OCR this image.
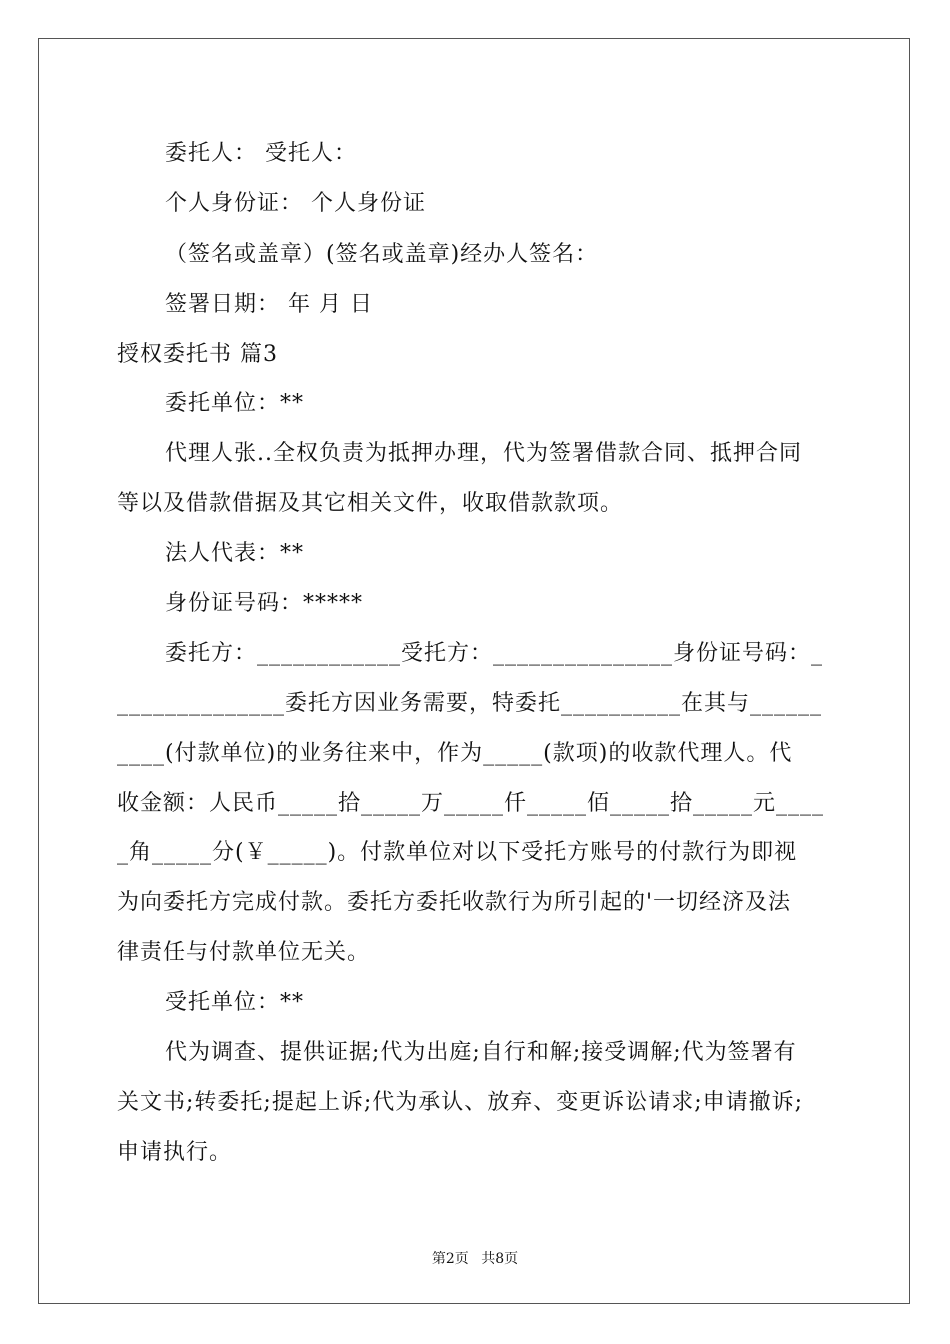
委托人： 受托人：
个人身份证： 个人身份证
（签名或盖章）(签名或盖章)经办人签名：
签署日期： 年 月 日
授权委托书 篇3
委托单位：**
代理人张..全权负责为抵押办理，代为签署借款合同、抵押合同
等以及借款借据及其它相关文件，收取借款款项。
法人代表：**
身份证号码：*****
委托方：____________受托方：_______________身份证号码：_
______________委托方因业务需要，特委托__________在其与______
____(付款单位)的业务往来中，作为_____(款项)的收款代理人。代
收金额：人民币_____拾_____万_____仟_____佰_____拾_____元____
_角_____分(￥_____)。付款单位对以下受托方账号的付款行为即视
为向委托方完成付款。委托方委托收款行为所引起的'一切经济及法
律责任与付款单位无关。
受托单位：**
代为调查、提供证据;代为出庭;自行和解;接受调解;代为签署有
关文书;转委托;提起上诉;代为承认、放弃、变更诉讼请求;申请撤诉;
申请执行。
第2页 共8页
